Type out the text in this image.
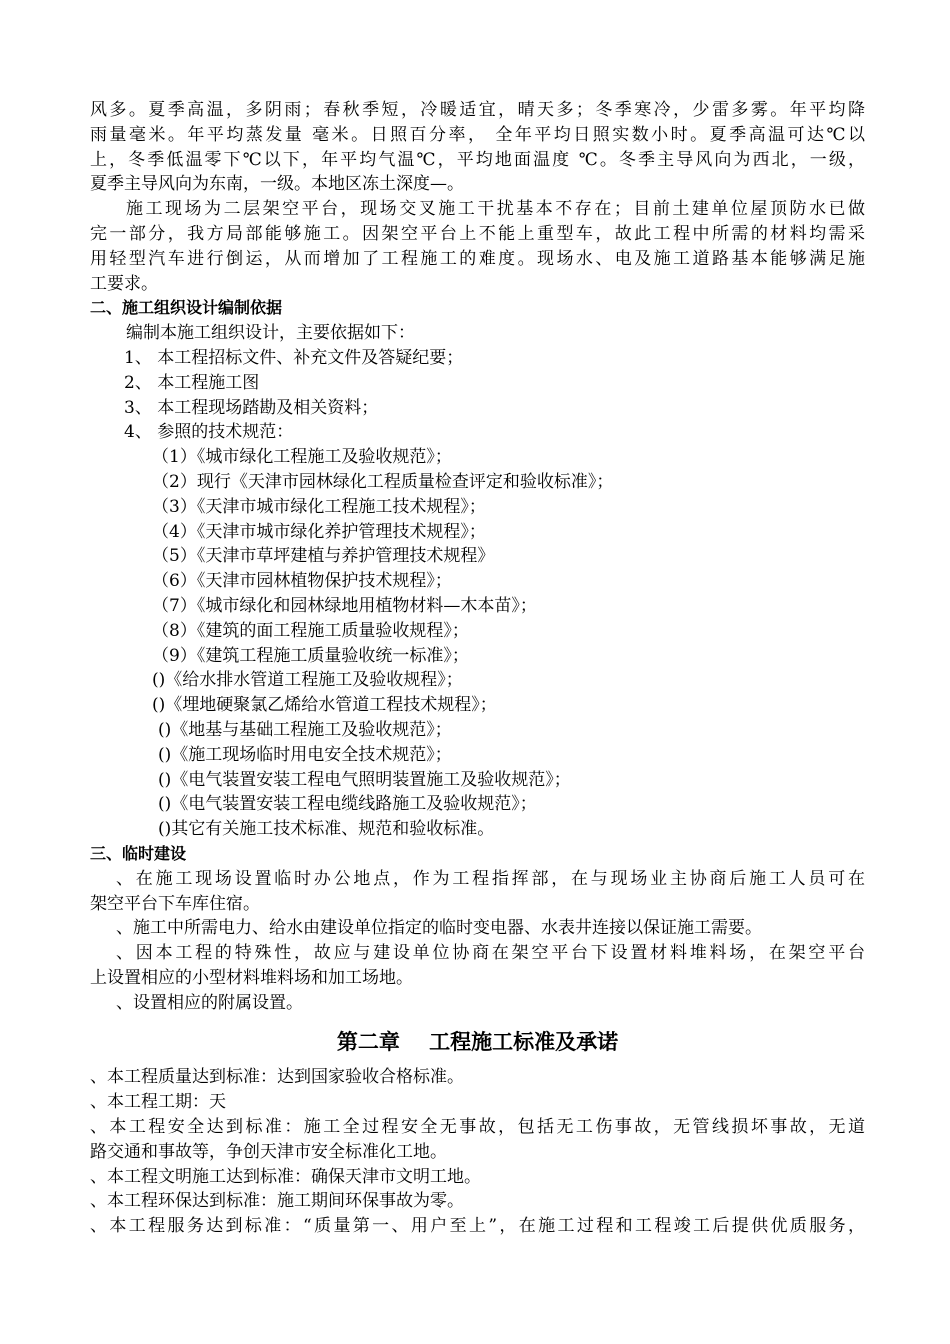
风多。夏季高温，多阴雨；春秋季短，冷暖适宜，晴天多；冬季寒冷，少雷多雾。年平均降

雨量毫米。年平均蒸发量 毫米。日照百分率， 全年平均日照实数小时。夏季高温可达℃以

上，冬季低温零下℃以下，年平均气温℃，平均地面温度 ℃。冬季主导风向为西北，一级，

夏季主导风向为东南，一级。本地区冻土深度—。

施工现场为二层架空平台，现场交叉施工干扰基本不存在；目前土建单位屋顶防水已做

完一部分，我方局部能够施工。因架空平台上不能上重型车，故此工程中所需的材料均需采

用轻型汽车进行倒运，从而增加了工程施工的难度。现场水、电及施工道路基本能够满足施

工要求。

二、施工组织设计编制依据

编制本施工组织设计，主要依据如下：

1、 本工程招标文件、补充文件及答疑纪要；

2、 本工程施工图

3、 本工程现场踏勘及相关资料；

4、 参照的技术规范：

（1）《城市绿化工程施工及验收规范》；

（2）现行《天津市园林绿化工程质量检查评定和验收标准》；

（3）《天津市城市绿化工程施工技术规程》；

（4）《天津市城市绿化养护管理技术规程》；

（5）《天津市草坪建植与养护管理技术规程》

（6）《天津市园林植物保护技术规程》；

（7）《城市绿化和园林绿地用植物材料—木本苗》；

（8）《建筑的面工程施工质量验收规程》；

（9）《建筑工程施工质量验收统一标准》；

()《给水排水管道工程施工及验收规程》；

()《埋地硬聚氯乙烯给水管道工程技术规程》；

()《地基与基础工程施工及验收规范》；

()《施工现场临时用电安全技术规范》；

()《电气装置安装工程电气照明装置施工及验收规范》；

()《电气装置安装工程电缆线路施工及验收规范》；

()其它有关施工技术标准、规范和验收标准。

三、临时建设

、在施工现场设置临时办公地点，作为工程指挥部，在与现场业主协商后施工人员可在

架空平台下车库住宿。

、施工中所需电力、给水由建设单位指定的临时变电器、水表井连接以保证施工需要。

、因本工程的特殊性，故应与建设单位协商在架空平台下设置材料堆料场，在架空平台

上设置相应的小型材料堆料场和加工场地。

、设置相应的附属设置。

第二章    工程施工标准及承诺

、本工程质量达到标准：达到国家验收合格标准。

、本工程工期：天

、本工程安全达到标准：施工全过程安全无事故，包括无工伤事故，无管线损坏事故，无道

路交通和事故等，争创天津市安全标准化工地。

、本工程文明施工达到标准：确保天津市文明工地。

、本工程环保达到标准：施工期间环保事故为零。

、本工程服务达到标准：“质量第一、用户至上”，在施工过程和工程竣工后提供优质服务，
